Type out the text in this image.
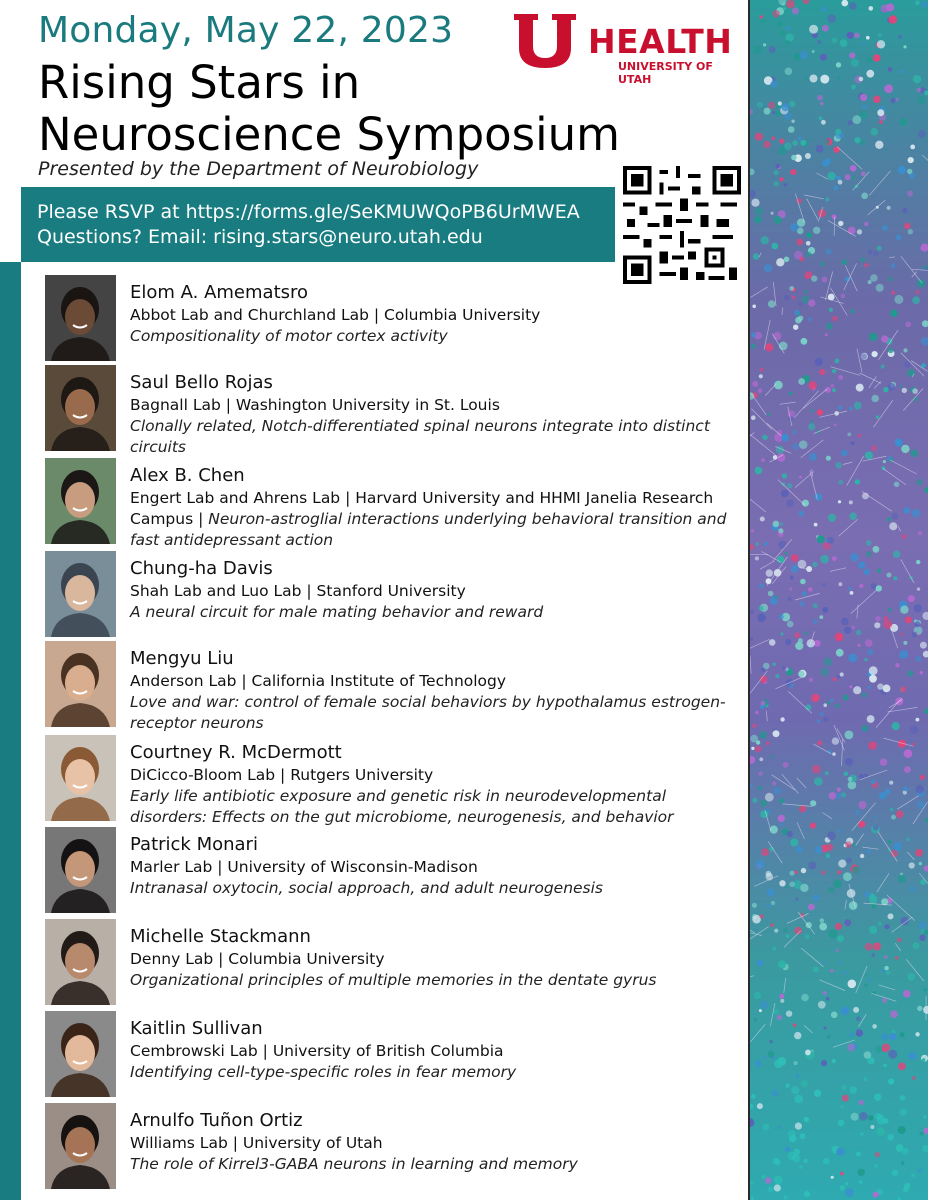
Monday, May 22, 2023
Rising Stars in
Neuroscience Symposium
Presented by the Department of Neurobiology
Please RSVP at https://forms.gle/SeKMUWQoPB6UrMWEA
Questions? Email: rising.stars@neuro.utah.edu
HEALTH
UNIVERSITY OF UTAH
Elom A. Amematsro
Abbot Lab and Churchland Lab | Columbia University
Compositionality of motor cortex activity
Saul Bello Rojas
Bagnall Lab | Washington University in St. Louis
Clonally related, Notch-differentiated spinal neurons integrate into distinct circuits
Alex B. Chen
Engert Lab and Ahrens Lab | Harvard University and HHMI Janelia Research Campus | Neuron-astroglial interactions underlying behavioral transition and fast antidepressant action
Chung-ha Davis
Shah Lab and Luo Lab | Stanford University
A neural circuit for male mating behavior and reward
Mengyu Liu
Anderson Lab | California Institute of Technology
Love and war: control of female social behaviors by hypothalamus estrogen-receptor neurons
Courtney R. McDermott
DiCicco-Bloom Lab | Rutgers University
Early life antibiotic exposure and genetic risk in neurodevelopmental disorders: Effects on the gut microbiome, neurogenesis, and behavior
Patrick Monari
Marler Lab | University of Wisconsin-Madison
Intranasal oxytocin, social approach, and adult neurogenesis
Michelle Stackmann
Denny Lab | Columbia University
Organizational principles of multiple memories in the dentate gyrus
Kaitlin Sullivan
Cembrowski Lab | University of British Columbia
Identifying cell-type-specific roles in fear memory
Arnulfo Tuñon Ortiz
Williams Lab | University of Utah
The role of Kirrel3-GABA neurons in learning and memory
